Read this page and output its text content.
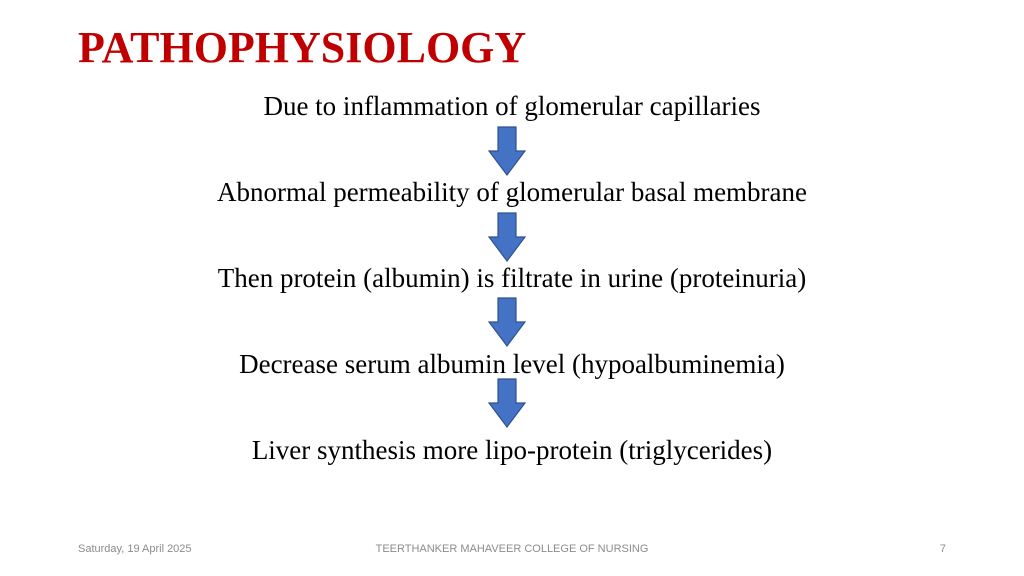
PATHOPHYSIOLOGY
Due to inflammation of glomerular capillaries
Abnormal permeability of glomerular basal membrane
Then protein (albumin) is filtrate in urine (proteinuria)
Decrease serum albumin level (hypoalbuminemia)
Liver synthesis more lipo-protein (triglycerides)
Saturday, 19 April 2025	TEERTHANKER MAHAVEER COLLEGE OF NURSING	7
